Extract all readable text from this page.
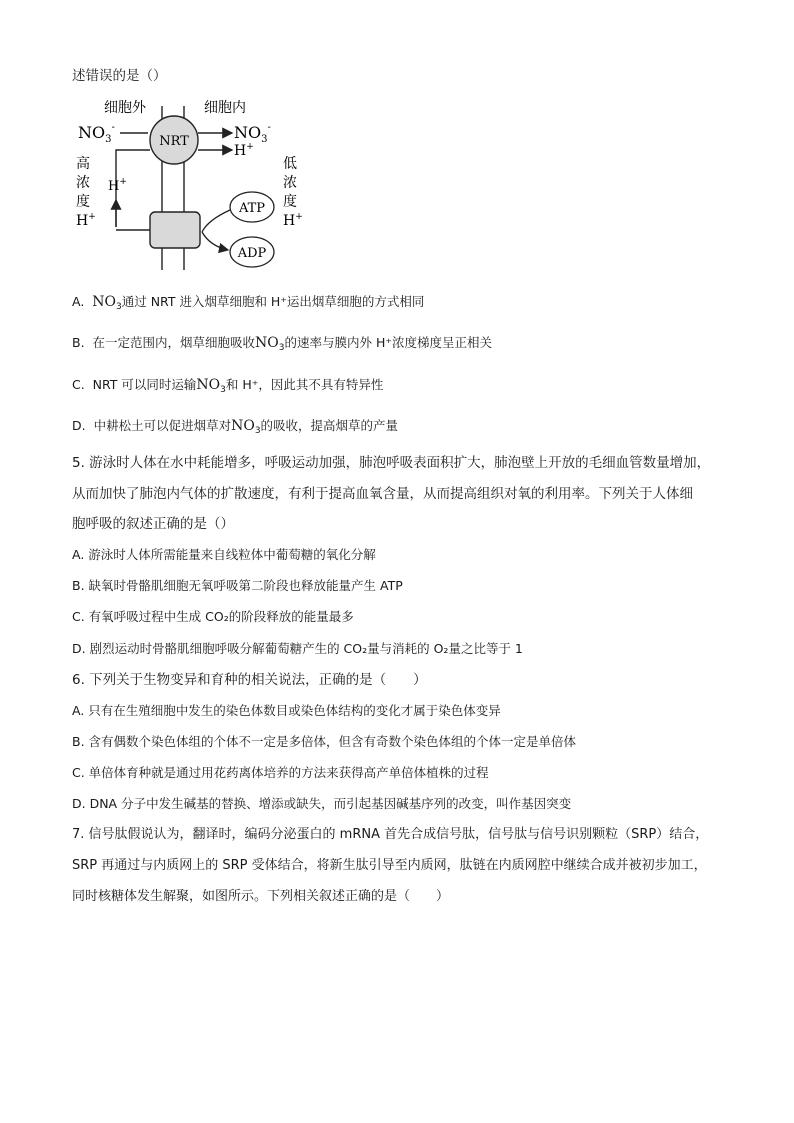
述错误的是（）
细胞外	细胞内
NRT
$NO_3^-$	$NO_3^-$
H+
H+
ATP
ADP
高
浓
度
H+
低
浓
度
H+
A. $NO_3$通过 NRT 进入烟草细胞和 H⁺运出烟草细胞的方式相同
B. 在一定范围内，烟草细胞吸收$NO_3$的速率与膜内外 H⁺浓度梯度呈正相关
C. NRT 可以同时运输$NO_3$和 H⁺，因此其不具有特异性
D. 中耕松土可以促进烟草对$NO_3$的吸收，提高烟草的产量
5. 游泳时人体在水中耗能增多，呼吸运动加强，肺泡呼吸表面积扩大，肺泡壁上开放的毛细血管数量增加，
从而加快了肺泡内气体的扩散速度，有利于提高血氧含量，从而提高组织对氧的利用率。下列关于人体细
胞呼吸的叙述正确的是（）
A. 游泳时人体所需能量来自线粒体中葡萄糖的氧化分解
B. 缺氧时骨骼肌细胞无氧呼吸第二阶段也释放能量产生 ATP
C. 有氧呼吸过程中生成 CO₂的阶段释放的能量最多
D. 剧烈运动时骨骼肌细胞呼吸分解葡萄糖产生的 CO₂量与消耗的 O₂量之比等于 1
6. 下列关于生物变异和育种的相关说法，正确的是（　　）
A. 只有在生殖细胞中发生的染色体数目或染色体结构的变化才属于染色体变异
B. 含有偶数个染色体组的个体不一定是多倍体，但含有奇数个染色体组的个体一定是单倍体
C. 单倍体育种就是通过用花药离体培养的方法来获得高产单倍体植株的过程
D. DNA 分子中发生碱基的替换、增添或缺失，而引起基因碱基序列的改变，叫作基因突变
7. 信号肽假说认为，翻译时，编码分泌蛋白的 mRNA 首先合成信号肽，信号肽与信号识别颗粒（SRP）结合，
SRP 再通过与内质网上的 SRP 受体结合，将新生肽引导至内质网，肽链在内质网腔中继续合成并被初步加工，
同时核糖体发生解聚，如图所示。下列相关叙述正确的是（　　）
